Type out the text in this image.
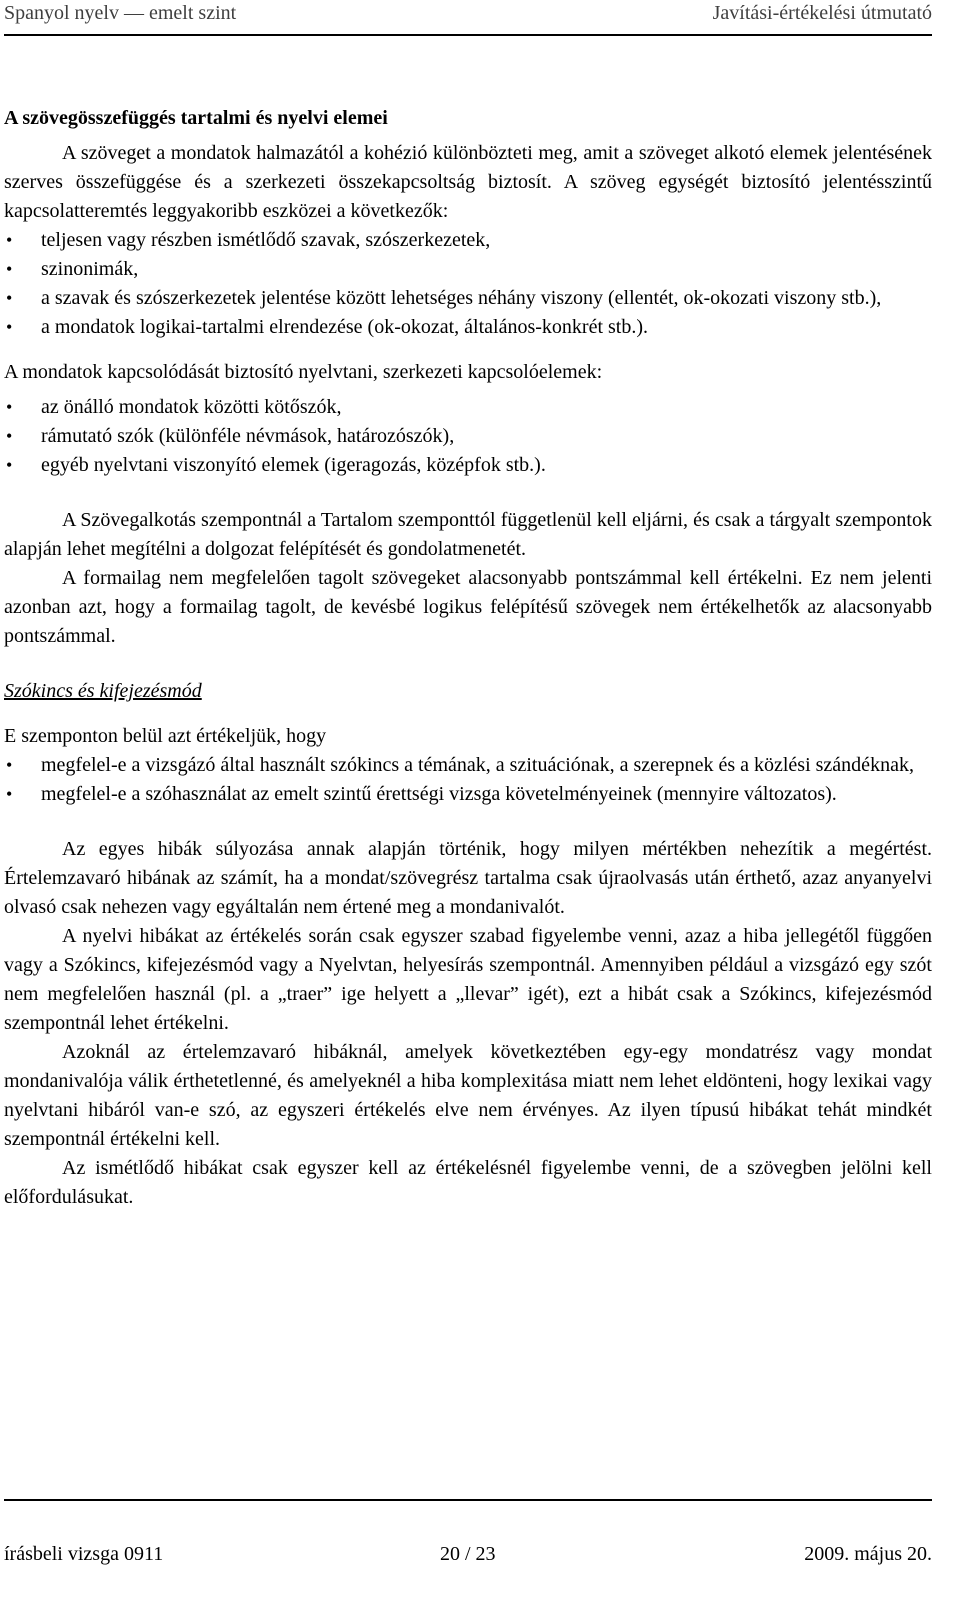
Spanyol nyelv — emelt szint	Javítási-értékelési útmutató
A szövegösszefüggés tartalmi és nyelvi elemei

A szöveget a mondatok halmazától a kohézió különbözteti meg, amit a szöveget alkotó elemek jelentésének szerves összefüggése és a szerkezeti összekapcsoltság biztosít. A szöveg egységét biztosító jelentésszintű kapcsolatteremtés leggyakoribb eszközei a következők:

• teljesen vagy részben ismétlődő szavak, szószerkezetek,
• szinonimák,
• a szavak és szószerkezetek jelentése között lehetséges néhány viszony (ellentét, ok-okozati viszony stb.),
• a mondatok logikai-tartalmi elrendezése (ok-okozat, általános-konkrét stb.).

A mondatok kapcsolódását biztosító nyelvtani, szerkezeti kapcsolóelemek:

• az önálló mondatok közötti kötőszók,
• rámutató szók (különféle névmások, határozószók),
• egyéb nyelvtani viszonyító elemek (igeragozás, középfok stb.).

A Szövegalkotás szempontnál a Tartalom szemponttól függetlenül kell eljárni, és csak a tárgyalt szempontok alapján lehet megítélni a dolgozat felépítését és gondolatmenetét.

A formailag nem megfelelően tagolt szövegeket alacsonyabb pontszámmal kell értékelni. Ez nem jelenti azonban azt, hogy a formailag tagolt, de kevésbé logikus felépítésű szövegek nem értékelhetők az alacsonyabb pontszámmal.

Szókincs és kifejezésmód

E szemponton belül azt értékeljük, hogy

• megfelel-e a vizsgázó által használt szókincs a témának, a szituációnak, a szerepnek és a közlési szándéknak,
• megfelel-e a szóhasználat az emelt szintű érettségi vizsga követelményeinek (mennyire változatos).

Az egyes hibák súlyozása annak alapján történik, hogy milyen mértékben nehezítik a megértést. Értelemzavaró hibának az számít, ha a mondat/szövegrész tartalma csak újraolvasás után érthető, azaz anyanyelvi olvasó csak nehezen vagy egyáltalán nem értené meg a mondanivalót.

A nyelvi hibákat az értékelés során csak egyszer szabad figyelembe venni, azaz a hiba jellegétől függően vagy a Szókincs, kifejezésmód vagy a Nyelvtan, helyesírás szempontnál. Amennyiben például a vizsgázó egy szót nem megfelelően használ (pl. a „traer” ige helyett a „llevar” igét), ezt a hibát csak a Szókincs, kifejezésmód szempontnál lehet értékelni.

Azoknál az értelemzavaró hibáknál, amelyek következtében egy-egy mondatrész vagy mondat mondanivalója válik érthetetlenné, és amelyeknél a hiba komplexitása miatt nem lehet eldönteni, hogy lexikai vagy nyelvtani hibáról van-e szó, az egyszeri értékelés elve nem érvényes. Az ilyen típusú hibákat tehát mindkét szempontnál értékelni kell.

Az ismétlődő hibákat csak egyszer kell az értékelésnél figyelembe venni, de a szövegben jelölni kell előfordulásukat.

írásbeli vizsga 0911	20 / 23	2009. május 20.
